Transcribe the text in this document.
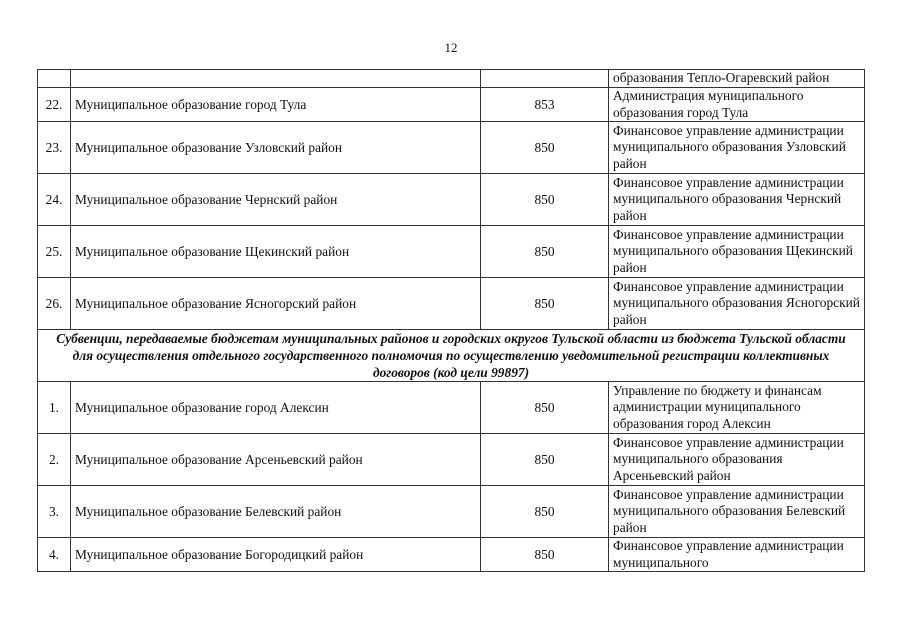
12
			образования Тепло-Огаревский район
22.	Муниципальное образование город Тула	853	Администрация муниципального образования город Тула
23.	Муниципальное образование Узловский район	850	Финансовое управление администрации муниципального образования Узловский район
24.	Муниципальное образование Чернский район	850	Финансовое управление администрации муниципального образования Чернский район
25.	Муниципальное образование Щекинский район	850	Финансовое управление администрации муниципального образования Щекинский район
26.	Муниципальное образование Ясногорский район	850	Финансовое управление администрации муниципального образования Ясногорский район
Субвенции, передаваемые бюджетам муниципальных районов и городских округов Тульской области из бюджета Тульской области для осуществления отдельного государственного полномочия по осуществлению уведомительной регистрации коллективных договоров (код цели 99897)			
1.	Муниципальное образование город Алексин	850	Управление по бюджету и финансам администрации муниципального образования город Алексин
2.	Муниципальное образование Арсеньевский район	850	Финансовое управление администрации муниципального образования Арсеньевский район
3.	Муниципальное образование Белевский район	850	Финансовое управление администрации муниципального образования Белевский район
4.	Муниципальное образование Богородицкий район	850	Финансовое управление администрации муниципального
